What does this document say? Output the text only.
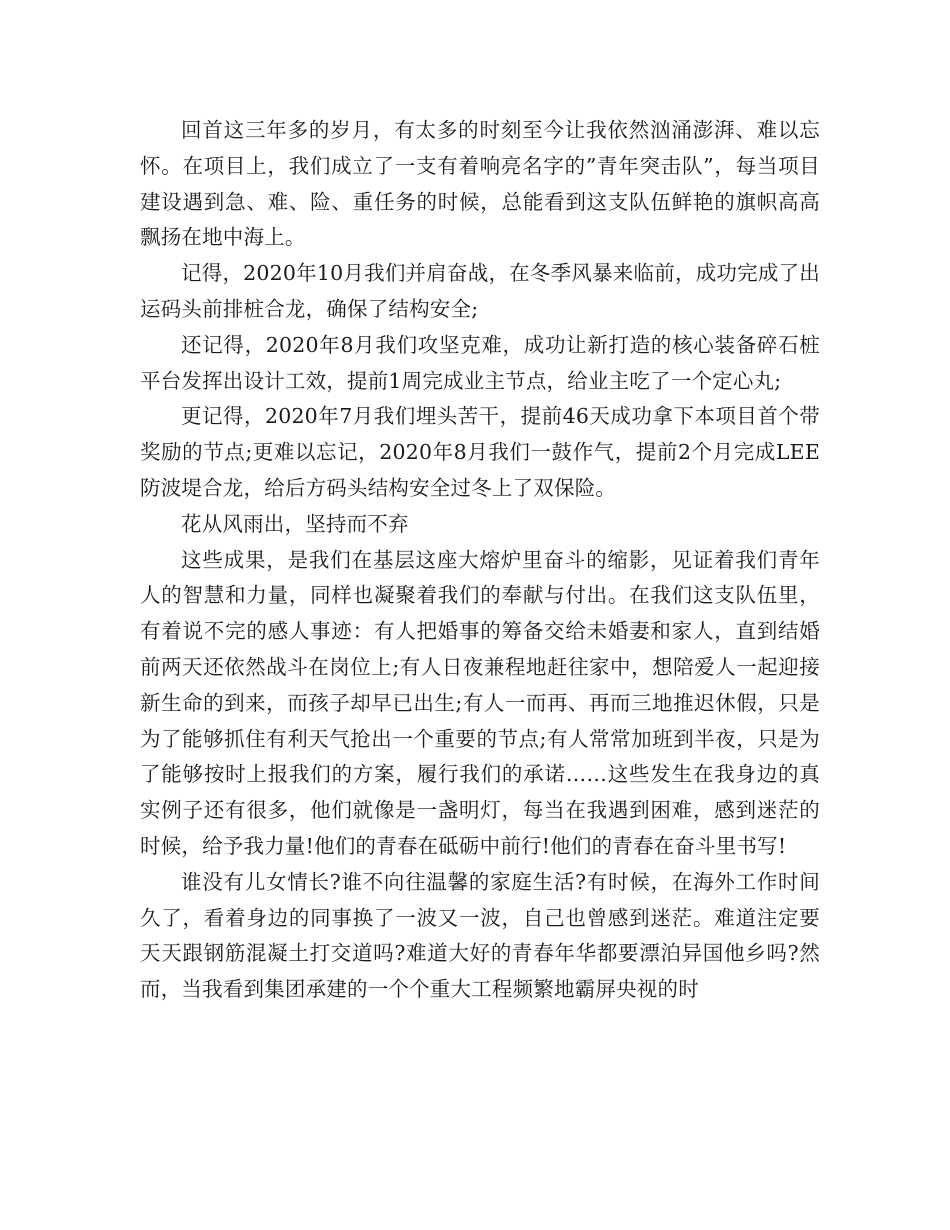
回首这三年多的岁月，有太多的时刻至今让我依然汹涌澎湃、难以忘怀。在项目上，我们成立了一支有着响亮名字的”青年突击队”，每当项目建设遇到急、难、险、重任务的时候，总能看到这支队伍鲜艳的旗帜高高飘扬在地中海上。

记得，2020年10月我们并肩奋战，在冬季风暴来临前，成功完成了出运码头前排桩合龙，确保了结构安全;

还记得，2020年8月我们攻坚克难，成功让新打造的核心装备碎石桩平台发挥出设计工效，提前1周完成业主节点，给业主吃了一个定心丸;

更记得，2020年7月我们埋头苦干，提前46天成功拿下本项目首个带奖励的节点;更难以忘记，2020年8月我们一鼓作气，提前2个月完成LEE防波堤合龙，给后方码头结构安全过冬上了双保险。

花从风雨出，坚持而不弃

这些成果，是我们在基层这座大熔炉里奋斗的缩影，见证着我们青年人的智慧和力量，同样也凝聚着我们的奉献与付出。在我们这支队伍里，有着说不完的感人事迹：有人把婚事的筹备交给未婚妻和家人，直到结婚前两天还依然战斗在岗位上;有人日夜兼程地赶往家中，想陪爱人一起迎接新生命的到来，而孩子却早已出生;有人一而再、再而三地推迟休假，只是为了能够抓住有利天气抢出一个重要的节点;有人常常加班到半夜，只是为了能够按时上报我们的方案，履行我们的承诺……这些发生在我身边的真实例子还有很多，他们就像是一盏明灯，每当在我遇到困难，感到迷茫的时候，给予我力量!他们的青春在砥砺中前行!他们的青春在奋斗里书写!

谁没有儿女情长?谁不向往温馨的家庭生活?有时候，在海外工作时间久了，看着身边的同事换了一波又一波，自己也曾感到迷茫。难道注定要天天跟钢筋混凝土打交道吗?难道大好的青春年华都要漂泊异国他乡吗?然而，当我看到集团承建的一个个重大工程频繁地霸屏央视的时
